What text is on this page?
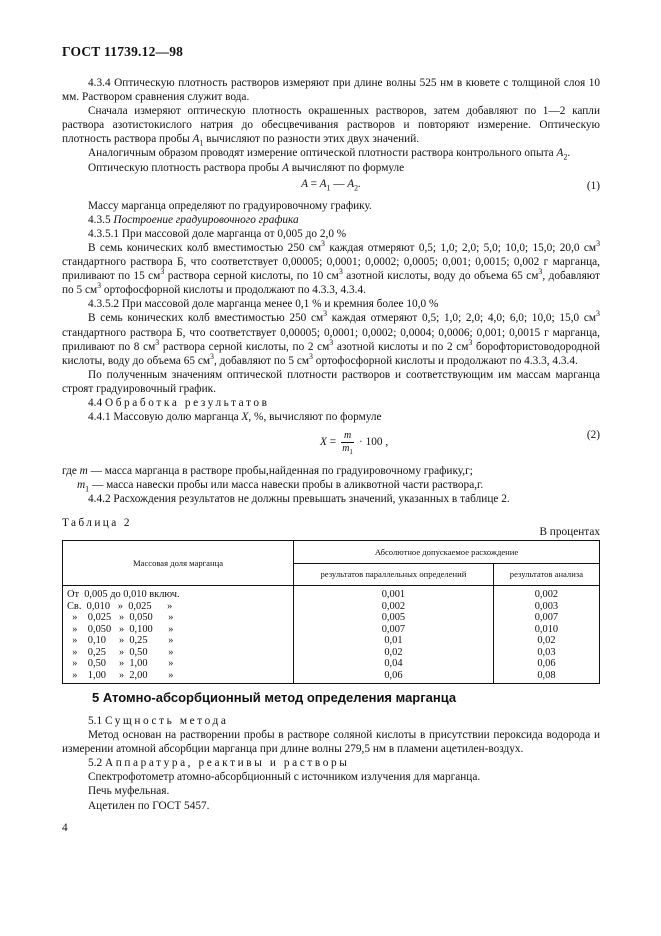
ГОСТ 11739.12—98

4.3.4 Оптическую плотность растворов измеряют при длине волны 525 нм в кювете с толщиной слоя 10 мм. Раствором сравнения служит вода.

Сначала измеряют оптическую плотность окрашенных растворов, затем добавляют по 1—2 капли раствора азотистокислого натрия до обесцвечивания растворов и повторяют измерение. Оптическую плотность раствора пробы $A_1$ вычисляют по разности этих двух значений.

Аналогичным образом проводят измерение оптической плотности раствора контрольного опыта $A_2$.

Оптическую плотность раствора пробы A вычисляют по формуле

$A = A_1$ — $A_2$.	(1)

Массу марганца определяют по градуировочному графику.

4.3.5 Построение градуировочного графика

4.3.5.1 При массовой доле марганца от 0,005 до 2,0 %

В семь конических колб вместимостью 250 $см^3$ каждая отмеряют 0,5; 1,0; 2,0; 5,0; 10,0; 15,0; 20,0 $см^3$ стандартного раствора Б, что соответствует 0,00005; 0,0001; 0,0002; 0,0005; 0,001; 0,0015; 0,002 г марганца, приливают по 15 $см^3$ раствора серной кислоты, по 10 $см^3$ азотной кислоты, воду до объема 65 $см^3$, добавляют по 5 $см^3$ ортофосфорной кислоты и продолжают по 4.3.3, 4.3.4.

4.3.5.2 При массовой доле марганца менее 0,1 % и кремния более 10,0 %

В семь конических колб вместимостью 250 $см^3$ каждая отмеряют 0,5; 1,0; 2,0; 4,0; 6,0; 10,0; 15,0 $см^3$ стандартного раствора Б, что соответствует 0,00005; 0,0001; 0,0002; 0,0004; 0,0006; 0,001; 0,0015 г марганца, приливают по 8 $см^3$ раствора серной кислоты, по 2 $см^3$ азотной кислоты и по 2 $см^3$ борофтористоводородной кислоты, воду до объема 65 $см^3$, добавляют по 5 $см^3$ ортофосфорной кислоты и продолжают по 4.3.3, 4.3.4.

По полученным значениям оптической плотности растворов и соответствующим им массам марганца строят градуировочный график.

4.4 Обработка результатов

4.4.1 Массовую долю марганца X, %, вычисляют по формуле

$X = \frac{m}{m_1} \cdot 100$ ,
(2)

где m — масса марганца в растворе пробы,найденная по градуировочному графику,г;

$m_1$ — масса навески пробы или масса навески пробы в аликвотной части раствора,г.

4.4.2 Расхождения результатов не должны превышать значений, указанных в таблице 2.

Таблица 2
В процентах
Массовая доля марганца	Абсолютное допускаемое расхождение	
	результатов параллельных определений	результатов анализа
От  0,005 до 0,010 включ.	0,001	0,002
Св.  0,010   »  0,025      »	0,002	0,003
»    0,025   »  0,050      »	0,005	0,007
»    0,050   »  0,100      »	0,007	0,010
»    0,10     »  0,25        »	0,01	0,02
»    0,25     »  0,50        »	0,02	0,03
»    0,50     »  1,00        »	0,04	0,06
»    1,00     »  2,00        »	0,06	0,08
5 Атомно-абсорбционный метод определения марганца

5.1 Сущность метода

Метод основан на растворении пробы в растворе соляной кислоты в присутствии пероксида водорода и измерении атомной абсорбции марганца при длине волны 279,5 нм в пламени ацетилен-воздух.

5.2 Аппаратура, реактивы и растворы

Спектрофотометр атомно-абсорбционный с источником излучения для марганца.

Печь муфельная.

Ацетилен по ГОСТ 5457.

4
